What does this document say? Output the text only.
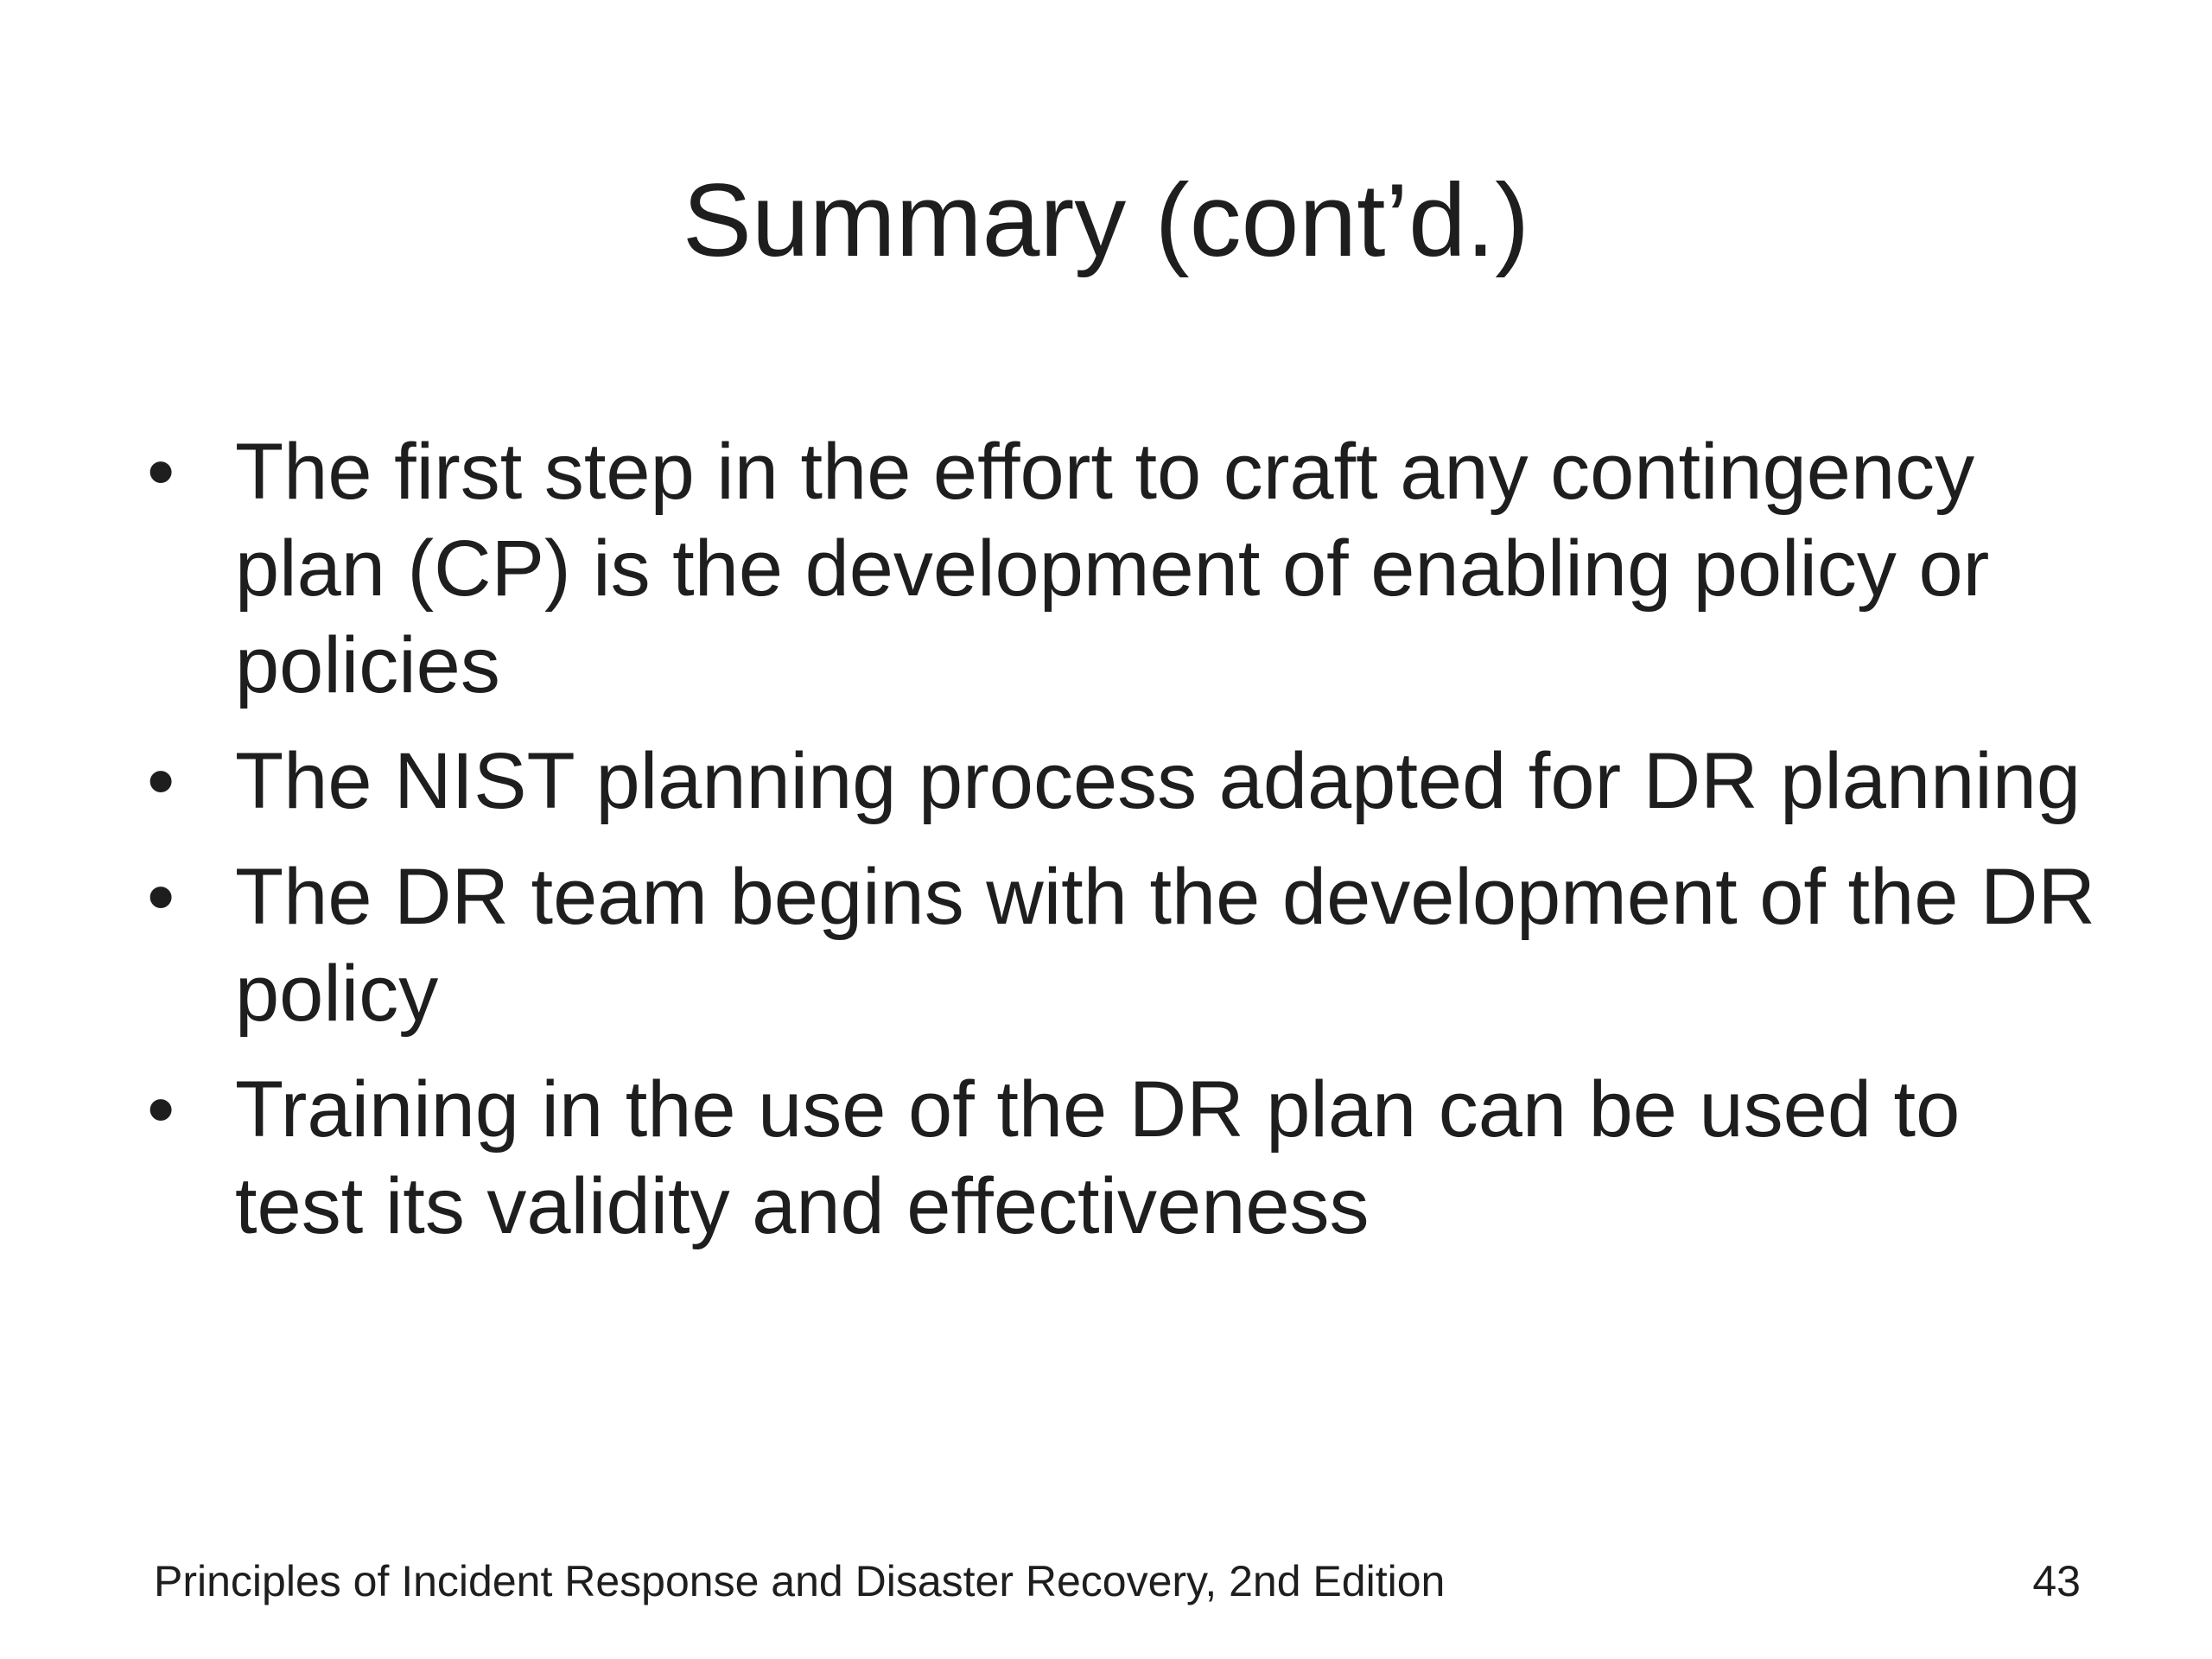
Summary (cont’d.)
• The first step in the effort to craft any contingency plan (CP) is the development of enabling policy or policies
• The NIST planning process adapted for DR planning
• The DR team begins with the development of the DR policy
• Training in the use of the DR plan can be used to test its validity and effectiveness
Principles of Incident Response and Disaster Recovery, 2nd Edition	43
